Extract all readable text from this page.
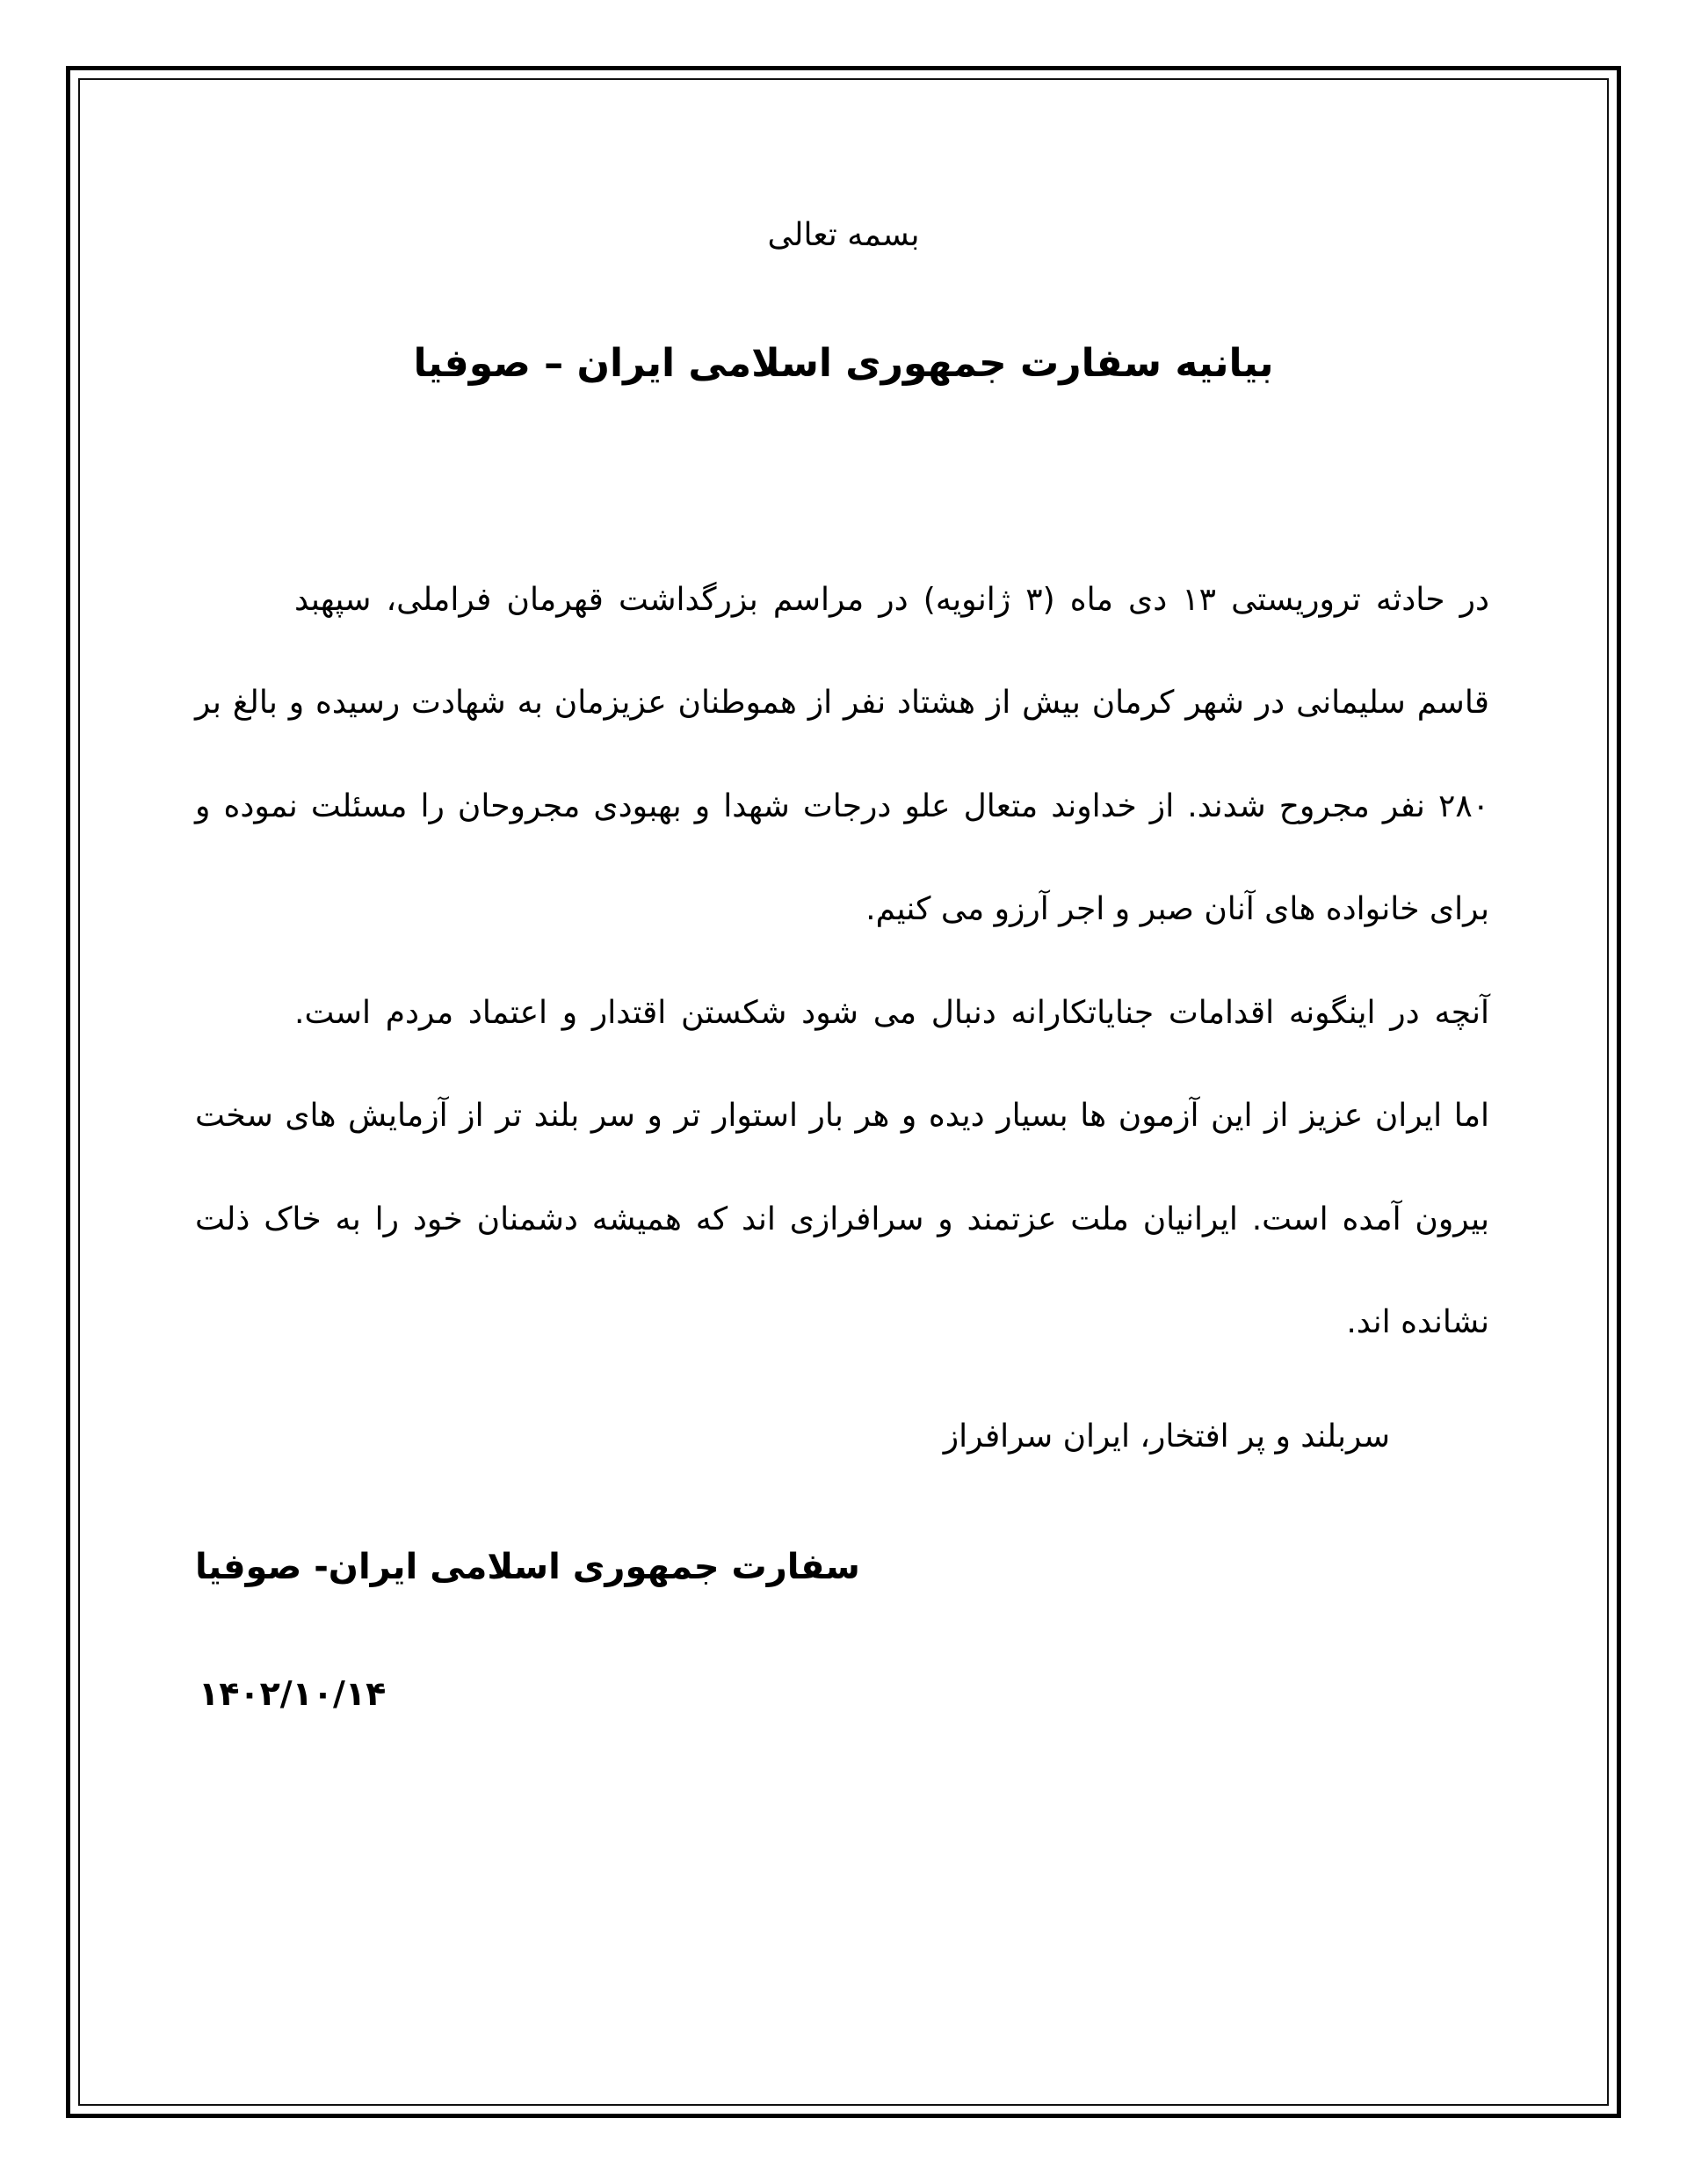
بسمه تعالی
بیانیه سفارت جمهوری اسلامی ایران – صوفیا
در حادثه تروریستی ۱۳ دی ماه (۳ ژانویه) در مراسم بزرگداشت قهرمان فراملی، سپهبد
قاسم سلیمانی در شهر کرمان بیش از هشتاد نفر از هموطنان عزیزمان به شهادت رسیده و بالغ بر
۲۸۰ نفر مجروح شدند. از خداوند متعال علو درجات شهدا و بهبودی مجروحان را مسئلت نموده و
برای خانواده های آنان صبر و اجر آرزو می کنیم.
آنچه در اینگونه اقدامات جنایاتکارانه دنبال می شود شکستن اقتدار و اعتماد مردم است.
اما ایران عزیز از این آزمون ها بسیار دیده و هر بار استوار تر و سر بلند تر از آزمایش های سخت
بیرون آمده است. ایرانیان ملت عزتمند و سرافرازی اند که همیشه دشمنان خود را به خاک ذلت
نشانده اند.
سربلند و پر افتخار، ایران سرافراز
سفارت جمهوری اسلامی ایران- صوفیا
۱۴۰۲/۱۰/۱۴
